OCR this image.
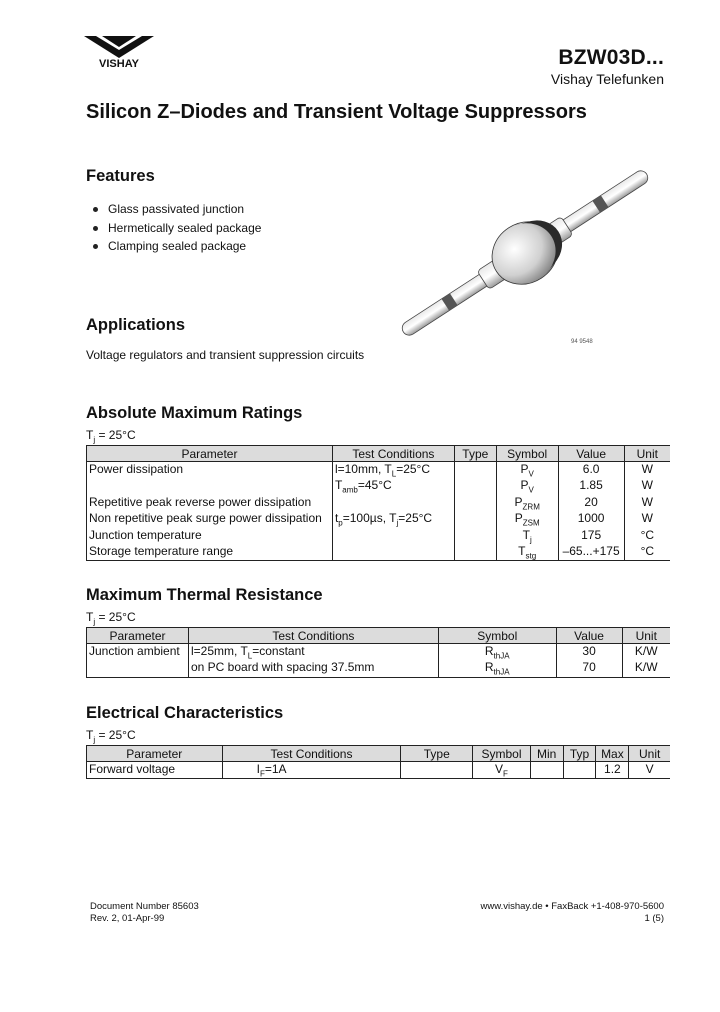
VISHAY	BZW03D...
Vishay Telefunken
Silicon Z–Diodes and Transient Voltage Suppressors
Features
Glass passivated junction
Hermetically sealed package
Clamping sealed package
94 9548
Applications
Voltage regulators and transient suppression circuits
Absolute Maximum Ratings
$T_j = 25^\circ C$
Parameter	Test Conditions	Type	Symbol	Value	Unit
Power dissipation	l=10mm, $T_L=25^\circ C$		$P_V$	6.0	W
	$T_{amb}=45^\circ C$		$P_V$	1.85	W
Repetitive peak reverse power dissipation			$P_{ZRM}$	20	W
Non repetitive peak surge power dissipation	$t_p=100\mu s$, $T_j=25^\circ C$		$P_{ZSM}$	1000	W
Junction temperature			$T_j$	175	°C
Storage temperature range			$T_{stg}$	–65...+175	°C
Maximum Thermal Resistance
$T_j = 25^\circ C$
Parameter	Test Conditions	Symbol	Value	Unit
Junction ambient	l=25mm, $T_L=constant$	$R_{thJA}$	30	K/W
	on PC board with spacing 37.5mm	$R_{thJA}$	70	K/W
Electrical Characteristics
$T_j = 25^\circ C$
Parameter	Test Conditions	Type	Symbol	Min	Typ	Max	Unit
Forward voltage	$I_F=1A$		$V_F$			1.2	V
Document Number 85603
Rev. 2, 01-Apr-99
www.vishay.de • FaxBack +1-408-970-5600
1 (5)
